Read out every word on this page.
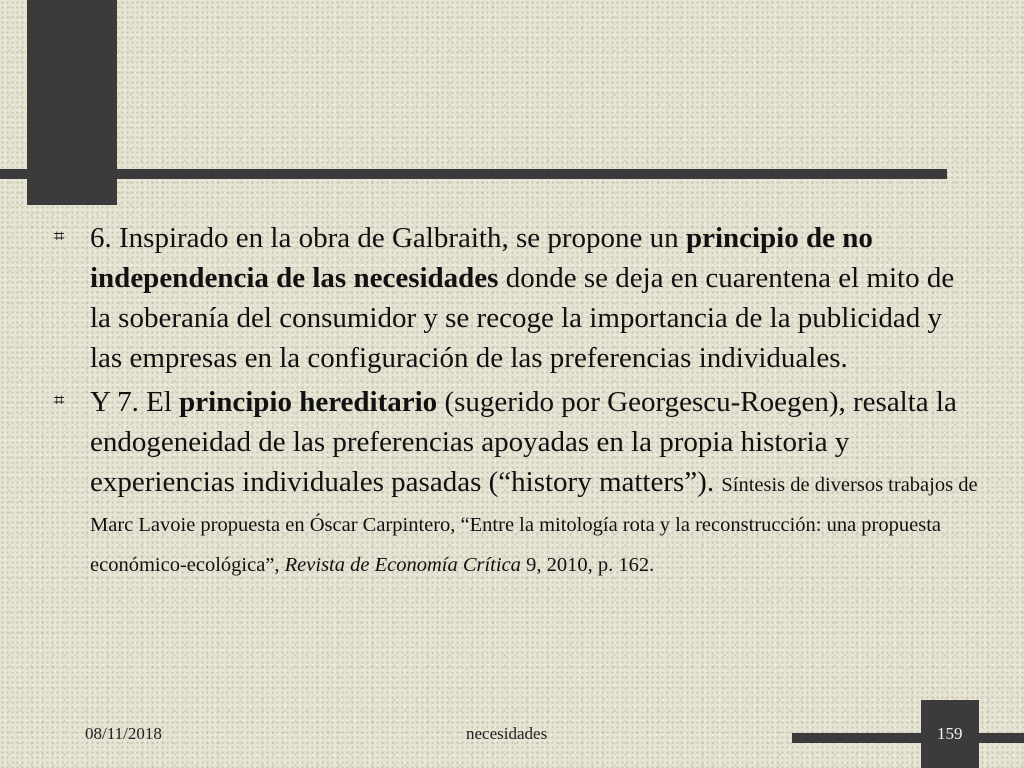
⌗ 6. Inspirado en la obra de Galbraith, se propone un principio de no independencia de las necesidades donde se deja en cuarentena el mito de la soberanía del consumidor y se recoge la importancia de la publicidad y las empresas en la configuración de las preferencias individuales.
⌗ Y 7. El principio hereditario (sugerido por Georgescu-Roegen), resalta la endogeneidad de las preferencias apoyadas en la propia historia y experiencias individuales pasadas (“history matters”). Síntesis de diversos trabajos de Marc Lavoie propuesta en Óscar Carpintero, “Entre la mitología rota y la reconstrucción: una propuesta económico-ecológica”, Revista de Economía Crítica 9, 2010, p. 162.
08/11/2018	necesidades	159
